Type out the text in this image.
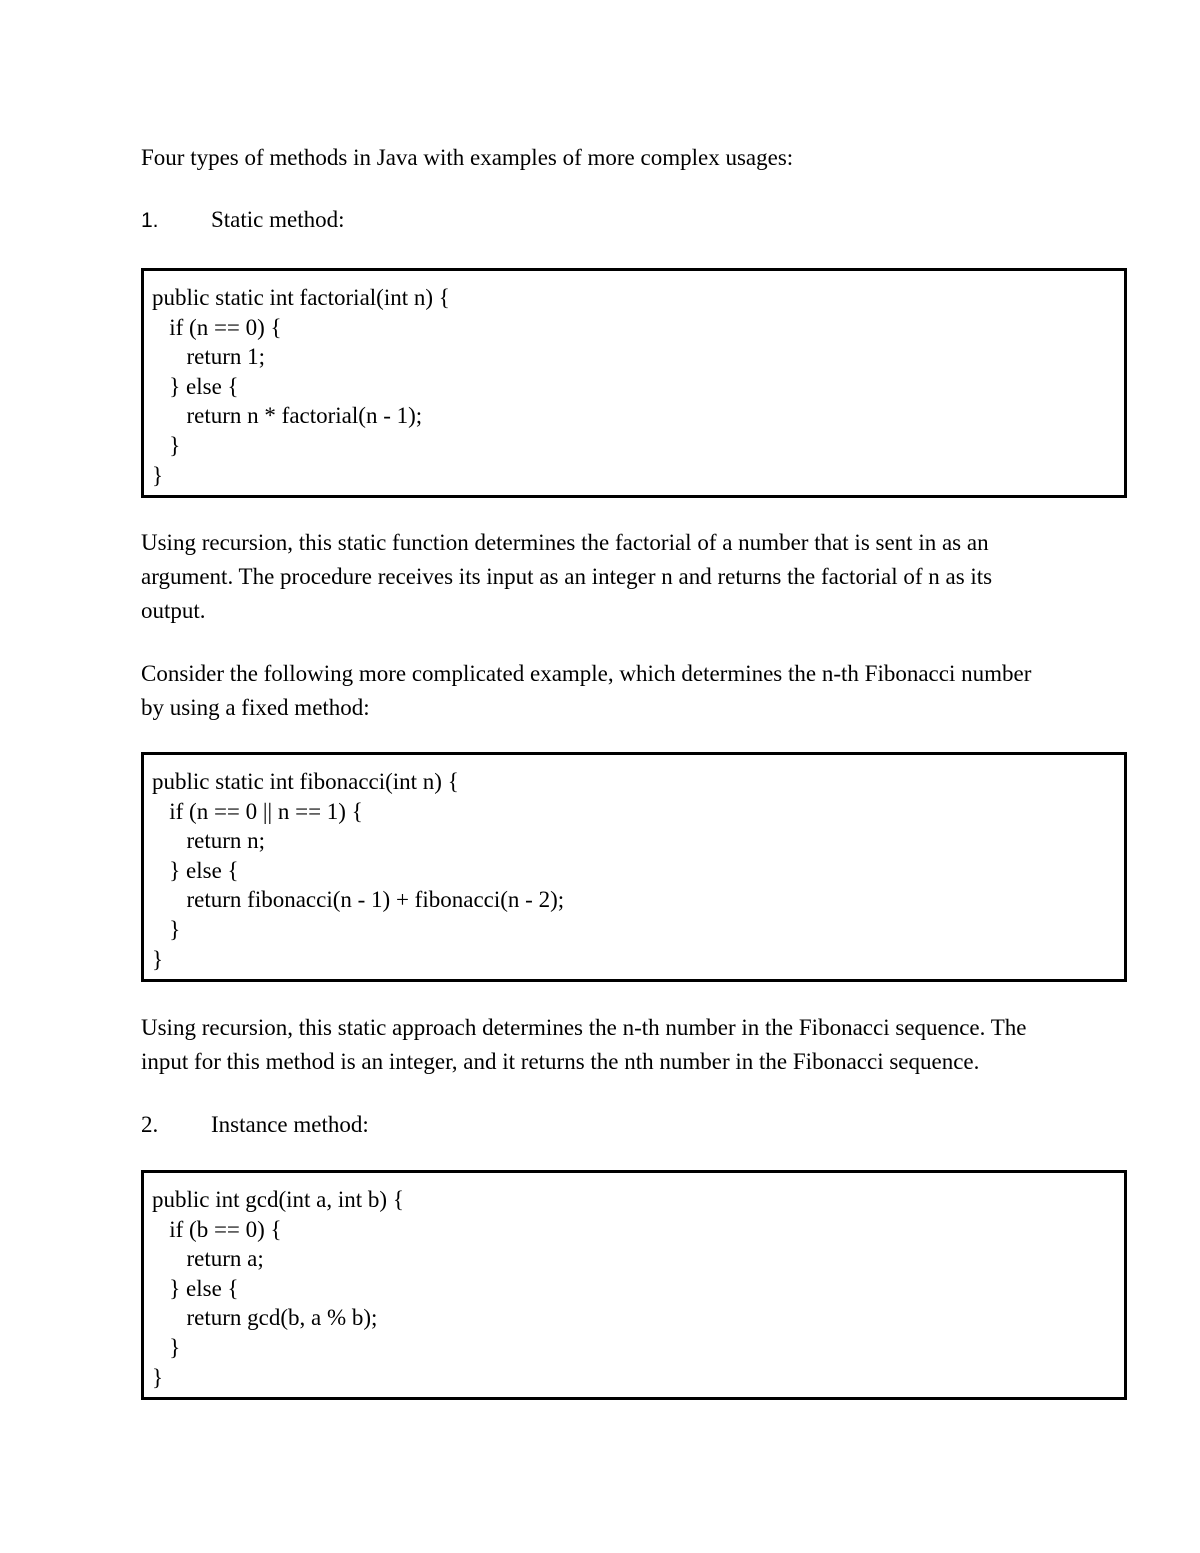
Four types of methods in Java with examples of more complex usages:

1. Static method:

public static int factorial(int n) {
if (n == 0) {
return 1;
} else {
return n * factorial(n - 1);
}
}
Using recursion, this static function determines the factorial of a number that is sent in as an
argument. The procedure receives its input as an integer n and returns the factorial of n as its
output.
Consider the following more complicated example, which determines the n-th Fibonacci number
by using a fixed method:
public static int fibonacci(int n) {
if (n == 0 || n == 1) {
return n;
} else {
return fibonacci(n - 1) + fibonacci(n - 2);
}
}
Using recursion, this static approach determines the n-th number in the Fibonacci sequence. The
input for this method is an integer, and it returns the nth number in the Fibonacci sequence.

2. Instance method:

public int gcd(int a, int b) {
if (b == 0) {
return a;
} else {
return gcd(b, a % b);
}
}
